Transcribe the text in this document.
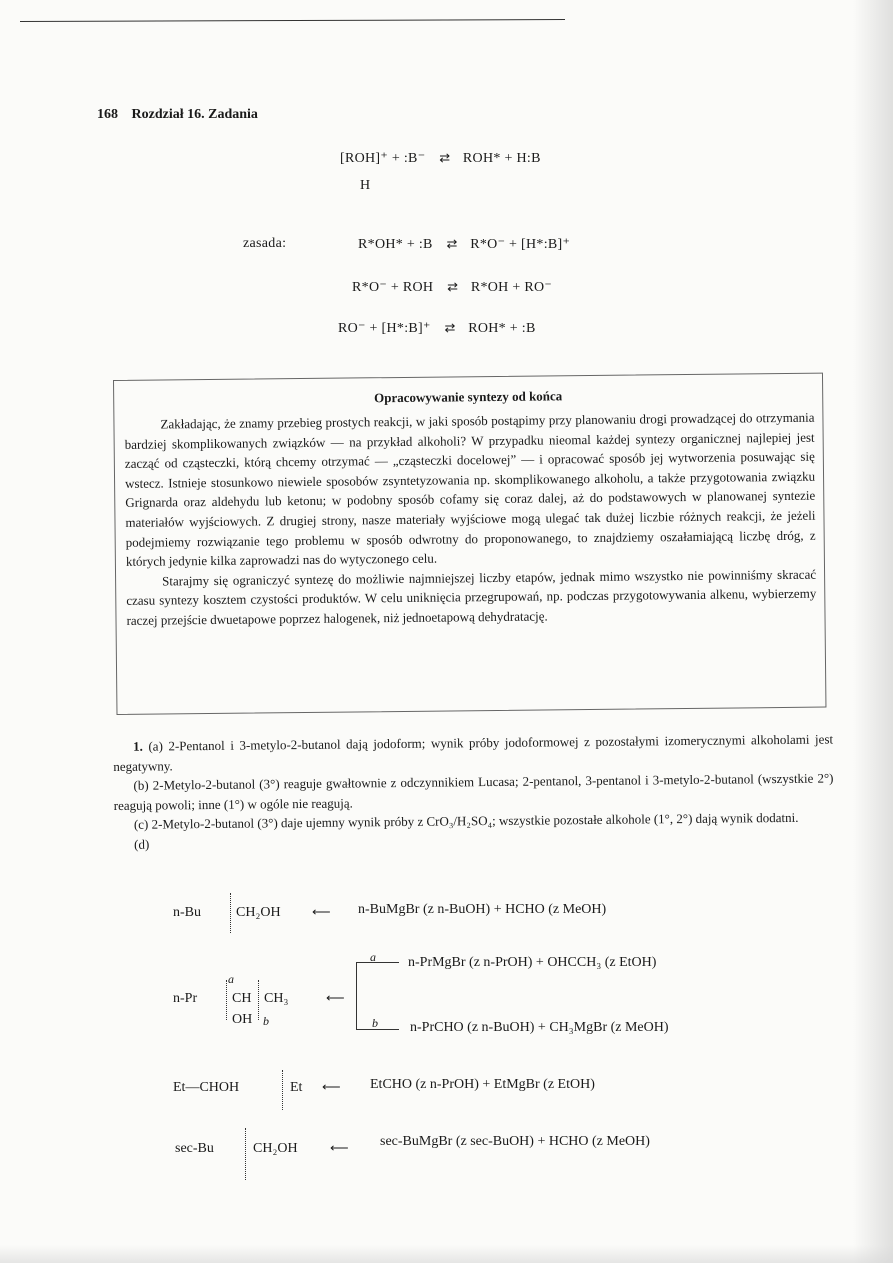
168 Rozdział 16. Zadania
[ROH]⁺ + :B⁻ ⇄ ROH* + H:B
H
zasada:	R*OH* + :B ⇄ R*O⁻ + [H*:B]⁺
R*O⁻ + ROH ⇄ R*OH + RO⁻
RO⁻ + [H*:B]⁺ ⇄ ROH* + :B
Opracowywanie syntezy od końca

Zakładając, że znamy przebieg prostych reakcji, w jaki sposób postąpimy przy planowaniu drogi prowadzącej do otrzymania bardziej skomplikowanych związków — na przykład alkoholi? W przypadku nieomal każdej syntezy organicznej najlepiej jest zacząć od cząsteczki, którą chcemy otrzymać — „cząsteczki docelowej” — i opracować sposób jej wytworzenia posuwając się wstecz. Istnieje stosunkowo niewiele sposobów zsyntetyzowania np. skomplikowanego alkoholu, a także przygotowania związku Grignarda oraz aldehydu lub ketonu; w podobny sposób cofamy się coraz dalej, aż do podstawowych w planowanej syntezie materiałów wyjściowych. Z drugiej strony, nasze materiały wyjściowe mogą ulegać tak dużej liczbie różnych reakcji, że jeżeli podejmiemy rozwiązanie tego problemu w sposób odwrotny do proponowanego, to znajdziemy oszałamiającą liczbę dróg, z których jedynie kilka zaprowadzi nas do wytyczonego celu.

Starajmy się ograniczyć syntezę do możliwie najmniejszej liczby etapów, jednak mimo wszystko nie powinniśmy skracać czasu syntezy kosztem czystości produktów. W celu uniknięcia przegrupowań, np. podczas przygotowywania alkenu, wybierzemy raczej przejście dwuetapowe poprzez halogenek, niż jednoetapową dehydratację.

1. (a) 2-Pentanol i 3-metylo-2-butanol dają jodoform; wynik próby jodoformowej z pozostałymi izomerycznymi alkoholami jest negatywny.

(b) 2-Metylo-2-butanol (3°) reaguje gwałtownie z odczynnikiem Lucasa; 2-pentanol, 3-pentanol i 3-metylo-2-butanol (wszystkie 2°) reagują powoli; inne (1°) w ogóle nie reagują.

(c) 2-Metylo-2-butanol (3°) daje ujemny wynik próby z CrO₃/H₂SO₄; wszystkie pozostałe alkohole (1°, 2°) dają wynik dodatni.

(d)

n-Bu	CH₂OH ⟵ n-BuMgBr (z n-BuOH) + HCHO (z MeOH)
a
n-Pr CH CH₃
OH b
⟵
a
b
n-PrMgBr (z n-PrOH) + OHCCH₃ (z EtOH)
n-PrCHO (z n-BuOH) + CH₃MgBr (z MeOH)
Et—CHOH	Et ⟵ EtCHO (z n-PrOH) + EtMgBr (z EtOH)
sec-Bu	CH₂OH ⟵ sec-BuMgBr (z sec-BuOH) + HCHO (z MeOH)
